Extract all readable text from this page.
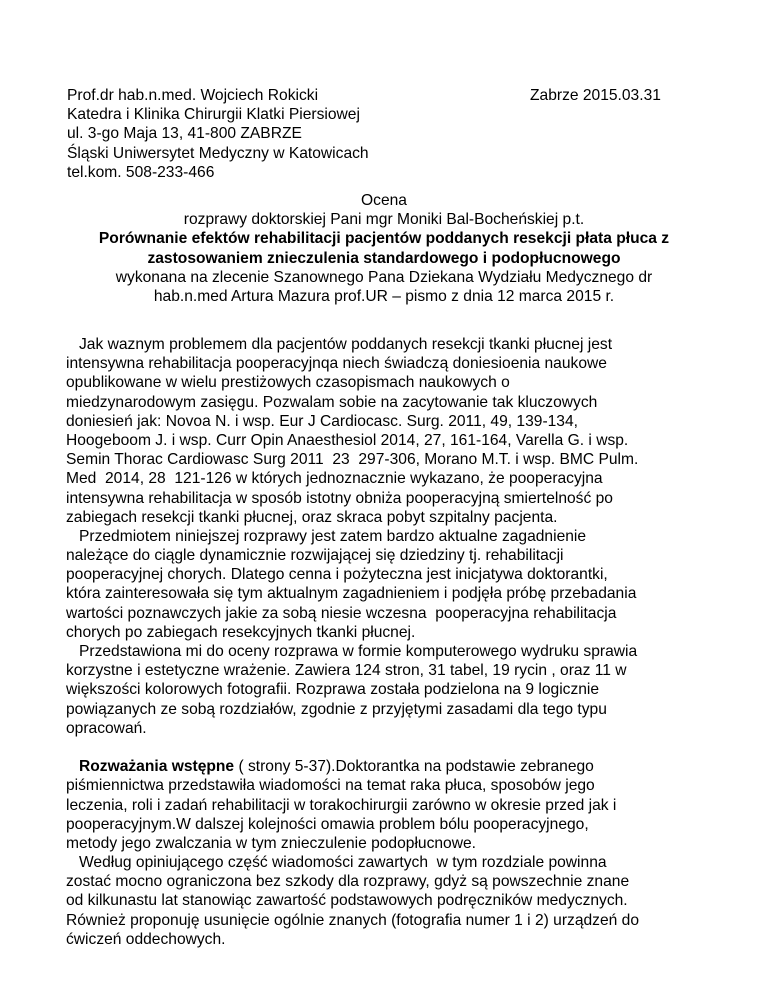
Prof.dr hab.n.med. Wojciech Rokicki
Katedra i Klinika Chirurgii Klatki Piersiowej
ul. 3-go Maja 13, 41-800 ZABRZE
Śląski Uniwersytet Medyczny w Katowicach
tel.kom. 508-233-466
Zabrze 2015.03.31
Ocena
rozprawy doktorskiej Pani mgr Moniki Bal-Bocheńskiej p.t.
Porównanie efektów rehabilitacji pacjentów poddanych resekcji płata płuca z
zastosowaniem znieczulenia standardowego i podopłucnowego
wykonana na zlecenie Szanownego Pana Dziekana Wydziału Medycznego dr
hab.n.med Artura Mazura prof.UR – pismo z dnia 12 marca 2015 r.
Jak waznym problemem dla pacjentów poddanych resekcji tkanki płucnej jest
intensywna rehabilitacja pooperacyjnqa niech świadczą doniesioenia naukowe
opublikowane w wielu prestiżowych czasopismach naukowych o
miedzynarodowym zasięgu. Pozwalam sobie na zacytowanie tak kluczowych
doniesień jak: Novoa N. i wsp. Eur J Cardiocasc. Surg. 2011, 49, 139-134,
Hoogeboom J. i wsp. Curr Opin Anaesthesiol 2014, 27, 161-164, Varella G. i wsp.
Semin Thorac Cardiowasc Surg 2011  23  297-306, Morano M.T. i wsp. BMC Pulm.
Med  2014, 28  121-126 w których jednoznacznie wykazano, że pooperacyjna
intensywna rehabilitacja w sposób istotny obniża pooperacyjną smiertelność po
zabiegach resekcji tkanki płucnej, oraz skraca pobyt szpitalny pacjenta.
Przedmiotem niniejszej rozprawy jest zatem bardzo aktualne zagadnienie
należące do ciągle dynamicznie rozwijającej się dziedziny tj. rehabilitacji
pooperacyjnej chorych. Dlatego cenna i pożyteczna jest inicjatywa doktorantki,
która zainteresowała się tym aktualnym zagadnieniem i podjęła próbę przebadania
wartości poznawczych jakie za sobą niesie wczesna  pooperacyjna rehabilitacja
chorych po zabiegach resekcyjnych tkanki płucnej.
Przedstawiona mi do oceny rozprawa w formie komputerowego wydruku sprawia
korzystne i estetyczne wrażenie. Zawiera 124 stron, 31 tabel, 19 rycin , oraz 11 w
większości kolorowych fotografii. Rozprawa została podzielona na 9 logicznie
powiązanych ze sobą rozdziałów, zgodnie z przyjętymi zasadami dla tego typu
opracowań.
Rozważania wstępne ( strony 5-37).Doktorantka na podstawie zebranego
piśmiennictwa przedstawiła wiadomości na temat raka płuca, sposobów jego
leczenia, roli i zadań rehabilitacji w torakochirurgii zarówno w okresie przed jak i
pooperacyjnym.W dalszej kolejności omawia problem bólu pooperacyjnego,
metody jego zwalczania w tym znieczulenie podopłucnowe.
Według opiniującego część wiadomości zawartych  w tym rozdziale powinna
zostać mocno ograniczona bez szkody dla rozprawy, gdyż są powszechnie znane
od kilkunastu lat stanowiąc zawartość podstawowych podręczników medycznych.
Również proponuję usunięcie ogólnie znanych (fotografia numer 1 i 2) urządzeń do
ćwiczeń oddechowych.
